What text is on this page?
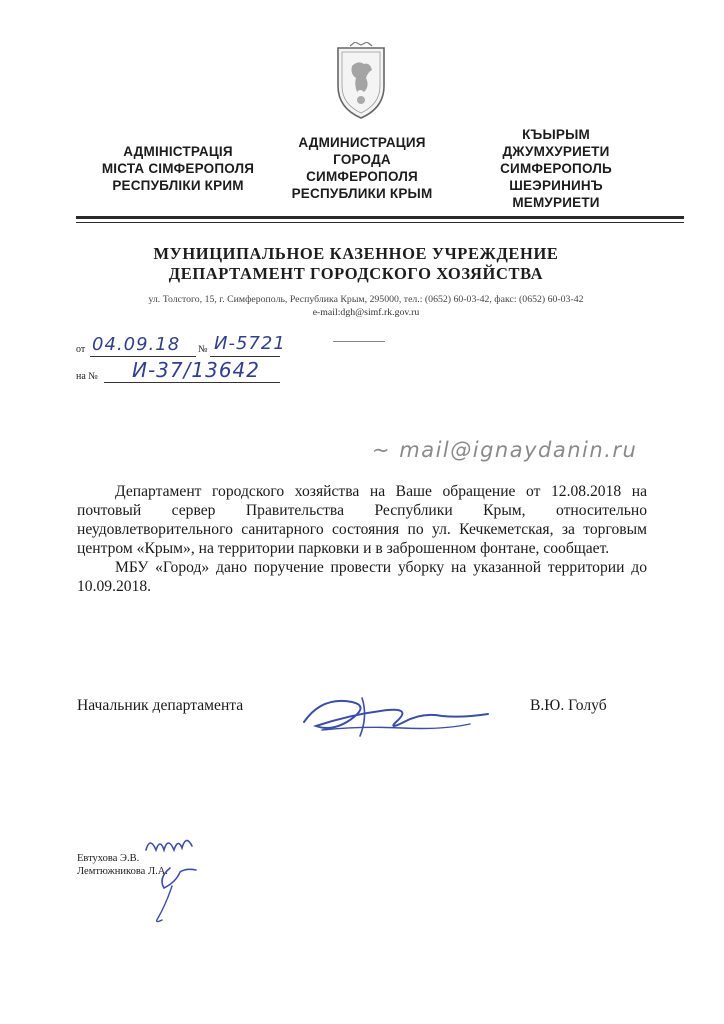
АДМІНІСТРАЦІЯ
МІСТА СІМФЕРОПОЛЯ
РЕСПУБЛІКИ КРИМ
АДМИНИСТРАЦИЯ
ГОРОДА
СИМФЕРОПОЛЯ
РЕСПУБЛИКИ КРЫМ
КЪЫРЫМ
ДЖУМХУРИЕТИ
СИМФЕРОПОЛЬ
ШЕЭРИНИНЪ
МЕМУРИЕТИ
МУНИЦИПАЛЬНОЕ КАЗЕННОЕ УЧРЕЖДЕНИЕ
ДЕПАРТАМЕНТ ГОРОДСКОГО ХОЗЯЙСТВА
ул. Толстого, 15, г. Симферополь, Республика Крым, 295000, тел.: (0652) 60-03-42, факс: (0652) 60-03-42
e-mail:dgh@simf.rk.gov.ru
от 04.09.18 № И-5721
на № И-37/13642
~ mail@ignaydanin.ru

Департамент городского хозяйства на Ваше обращение от 12.08.2018 на почтовый сервер Правительства Республики Крым, относительно неудовлетворительного санитарного состояния по ул. Кечкеметская, за торговым центром «Крым», на территории парковки и в заброшенном фонтане, сообщает.

МБУ «Город» дано поручение провести уборку на указанной территории до 10.09.2018.

Начальник департамента	В.Ю. Голуб
Евтухова Э.В.
Лемтюжникова Л.А.
